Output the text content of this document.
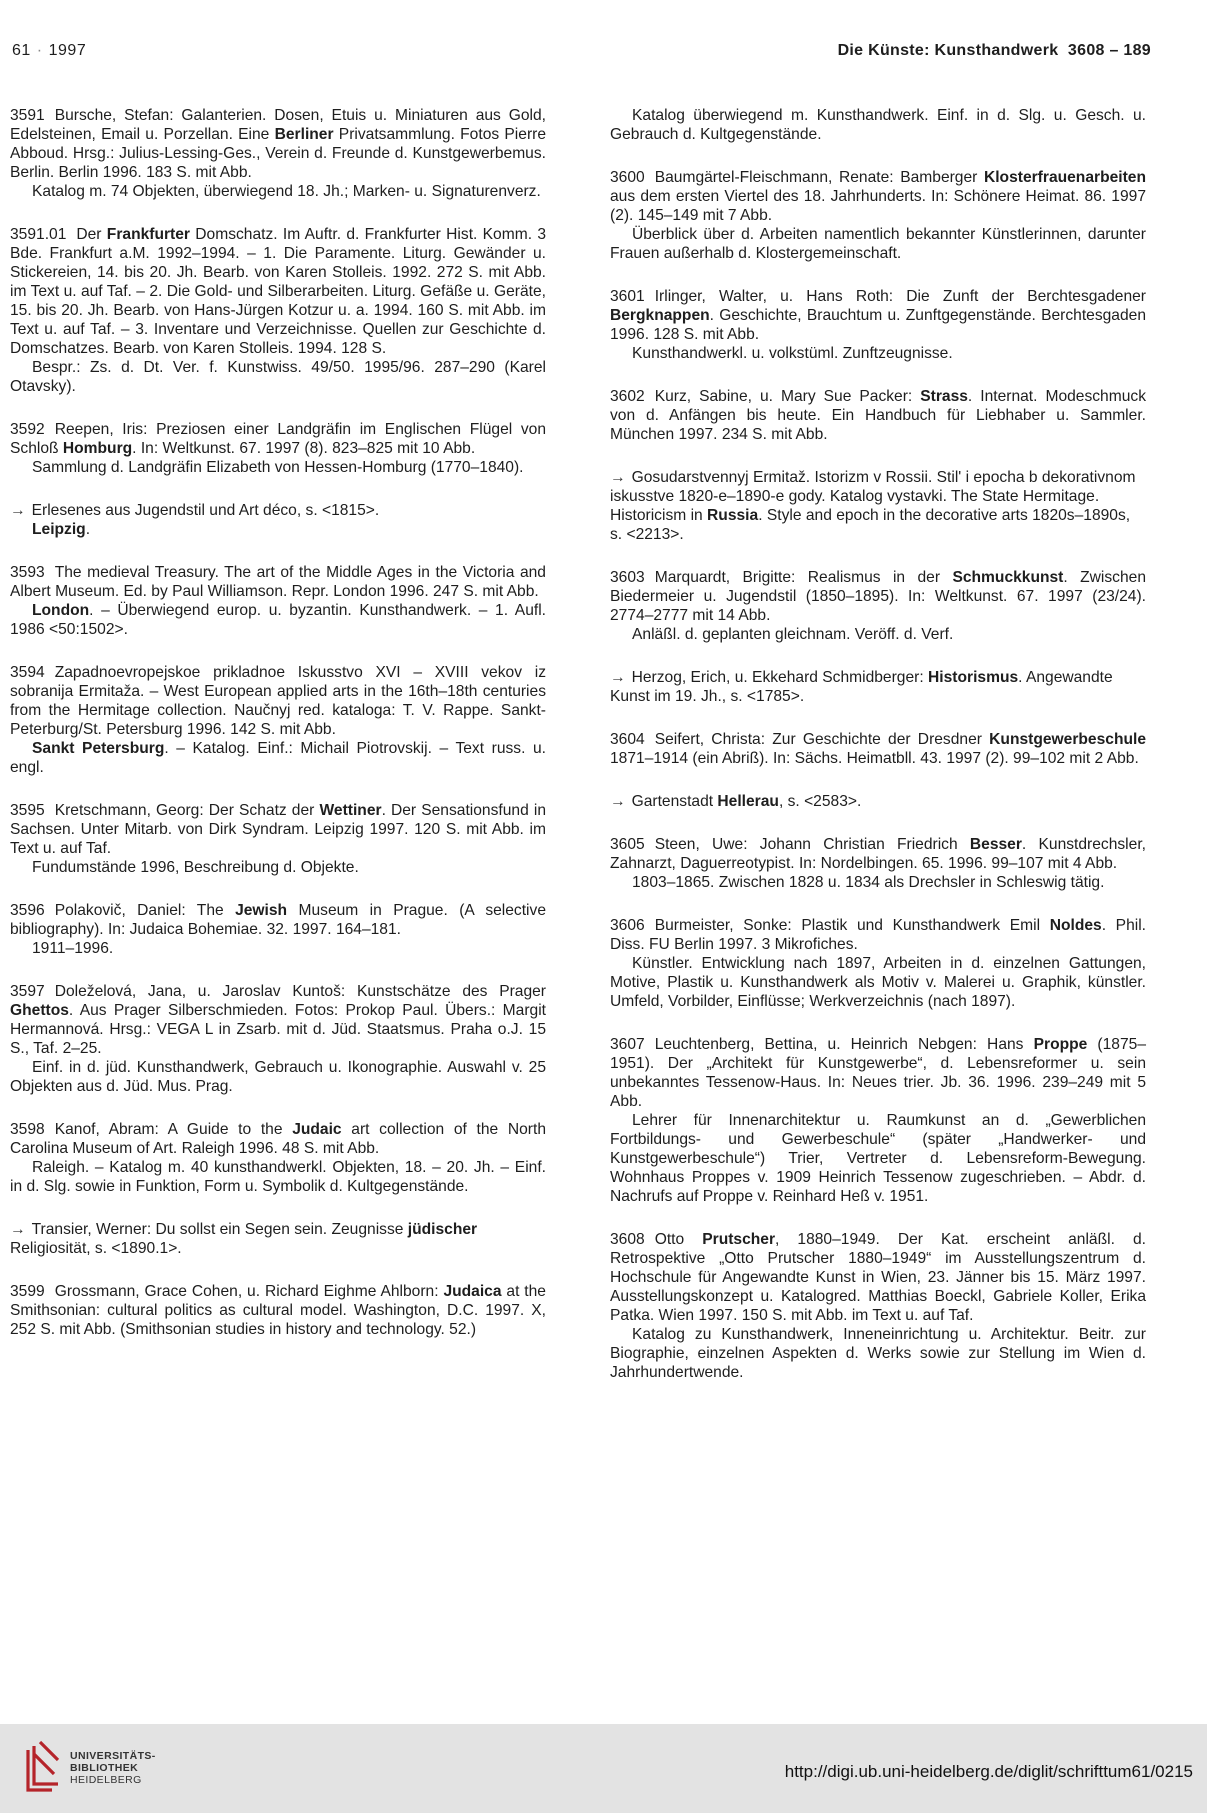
61 · 1997	Die Künste: Kunsthandwerk 3608 – 189

3591 Bursche, Stefan: Galanterien. Dosen, Etuis u. Miniaturen aus Gold, Edelsteinen, Email u. Porzellan. Eine Berliner Privatsammlung. Fotos Pierre Abboud. Hrsg.: Julius-Lessing-Ges., Verein d. Freunde d. Kunstgewerbemus. Berlin. Berlin 1996. 183 S. mit Abb.

Katalog m. 74 Objekten, überwiegend 18. Jh.; Marken- u. Signaturenverz.

3591.01 Der Frankfurter Domschatz. Im Auftr. d. Frankfurter Hist. Komm. 3 Bde. Frankfurt a.M. 1992–1994. – 1. Die Paramente. Liturg. Gewänder u. Stickereien, 14. bis 20. Jh. Bearb. von Karen Stolleis. 1992. 272 S. mit Abb. im Text u. auf Taf. – 2. Die Gold- und Silberarbeiten. Liturg. Gefäße u. Geräte, 15. bis 20. Jh. Bearb. von Hans-Jürgen Kotzur u. a. 1994. 160 S. mit Abb. im Text u. auf Taf. – 3. Inventare und Verzeichnisse. Quellen zur Geschichte d. Domschatzes. Bearb. von Karen Stolleis. 1994. 128 S.

Bespr.: Zs. d. Dt. Ver. f. Kunstwiss. 49/50. 1995/96. 287–290 (Karel Otavsky).

3592 Reepen, Iris: Preziosen einer Landgräfin im Englischen Flügel von Schloß Homburg. In: Weltkunst. 67. 1997 (8). 823–825 mit 10 Abb.

Sammlung d. Landgräfin Elizabeth von Hessen-Homburg (1770–1840).

→ Erlesenes aus Jugendstil und Art déco, s. <1815>.

Leipzig.

3593 The medieval Treasury. The art of the Middle Ages in the Victoria and Albert Museum. Ed. by Paul Williamson. Repr. London 1996. 247 S. mit Abb.

London. – Überwiegend europ. u. byzantin. Kunsthandwerk. – 1. Aufl. 1986 <50:1502>.

3594 Zapadnoevropejskoe prikladnoe Iskusstvo XVI – XVIII vekov iz sobranija Ermitaža. – West European applied arts in the 16th–18th centuries from the Hermitage collection. Naučnyj red. kataloga: T. V. Rappe. Sankt-Peterburg/St. Petersburg 1996. 142 S. mit Abb.

Sankt Petersburg. – Katalog. Einf.: Michail Piotrovskij. – Text russ. u. engl.

3595 Kretschmann, Georg: Der Schatz der Wettiner. Der Sensationsfund in Sachsen. Unter Mitarb. von Dirk Syndram. Leipzig 1997. 120 S. mit Abb. im Text u. auf Taf.

Fundumstände 1996, Beschreibung d. Objekte.

3596 Polakovič, Daniel: The Jewish Museum in Prague. (A selective bibliography). In: Judaica Bohemiae. 32. 1997. 164–181.

1911–1996.

3597 Doleželová, Jana, u. Jaroslav Kuntoš: Kunstschätze des Prager Ghettos. Aus Prager Silberschmieden. Fotos: Prokop Paul. Übers.: Margit Hermannová. Hrsg.: VEGA L in Zsarb. mit d. Jüd. Staatsmus. Praha o.J. 15 S., Taf. 2–25.

Einf. in d. jüd. Kunsthandwerk, Gebrauch u. Ikonographie. Auswahl v. 25 Objekten aus d. Jüd. Mus. Prag.

3598 Kanof, Abram: A Guide to the Judaic art collection of the North Carolina Museum of Art. Raleigh 1996. 48 S. mit Abb.

Raleigh. – Katalog m. 40 kunsthandwerkl. Objekten, 18. – 20. Jh. – Einf. in d. Slg. sowie in Funktion, Form u. Symbolik d. Kultgegenstände.

→ Transier, Werner: Du sollst ein Segen sein. Zeugnisse jüdischer Religiosität, s. <1890.1>.

3599 Grossmann, Grace Cohen, u. Richard Eighme Ahlborn: Judaica at the Smithsonian: cultural politics as cultural model. Washington, D.C. 1997. X, 252 S. mit Abb. (Smithsonian studies in history and technology. 52.)

Katalog überwiegend m. Kunsthandwerk. Einf. in d. Slg. u. Gesch. u. Gebrauch d. Kultgegenstände.

3600 Baumgärtel-Fleischmann, Renate: Bamberger Klosterfrauenarbeiten aus dem ersten Viertel des 18. Jahrhunderts. In: Schönere Heimat. 86. 1997 (2). 145–149 mit 7 Abb.

Überblick über d. Arbeiten namentlich bekannter Künstlerinnen, darunter Frauen außerhalb d. Klostergemeinschaft.

3601 Irlinger, Walter, u. Hans Roth: Die Zunft der Berchtesgadener Bergknappen. Geschichte, Brauchtum u. Zunftgegenstände. Berchtesgaden 1996. 128 S. mit Abb.

Kunsthandwerkl. u. volkstüml. Zunftzeugnisse.

3602 Kurz, Sabine, u. Mary Sue Packer: Strass. Internat. Modeschmuck von d. Anfängen bis heute. Ein Handbuch für Liebhaber u. Sammler. München 1997. 234 S. mit Abb.

→ Gosudarstvennyj Ermitaž. Istorizm v Rossii. Stil' i epocha b dekorativnom iskusstve 1820-e–1890-e gody. Katalog vystavki. The State Hermitage. Historicism in Russia. Style and epoch in the decorative arts 1820s–1890s, s. <2213>.

3603 Marquardt, Brigitte: Realismus in der Schmuckkunst. Zwischen Biedermeier u. Jugendstil (1850–1895). In: Weltkunst. 67. 1997 (23/24). 2774–2777 mit 14 Abb.

Anläßl. d. geplanten gleichnam. Veröff. d. Verf.

→ Herzog, Erich, u. Ekkehard Schmidberger: Historismus. Angewandte Kunst im 19. Jh., s. <1785>.

3604 Seifert, Christa: Zur Geschichte der Dresdner Kunstgewerbeschule 1871–1914 (ein Abriß). In: Sächs. Heimatbll. 43. 1997 (2). 99–102 mit 2 Abb.

→ Gartenstadt Hellerau, s. <2583>.

3605 Steen, Uwe: Johann Christian Friedrich Besser. Kunstdrechsler, Zahnarzt, Daguerreotypist. In: Nordelbingen. 65. 1996. 99–107 mit 4 Abb.

1803–1865. Zwischen 1828 u. 1834 als Drechsler in Schleswig tätig.

3606 Burmeister, Sonke: Plastik und Kunsthandwerk Emil Noldes. Phil. Diss. FU Berlin 1997. 3 Mikrofiches.

Künstler. Entwicklung nach 1897, Arbeiten in d. einzelnen Gattungen, Motive, Plastik u. Kunsthandwerk als Motiv v. Malerei u. Graphik, künstler. Umfeld, Vorbilder, Einflüsse; Werkverzeichnis (nach 1897).

3607 Leuchtenberg, Bettina, u. Heinrich Nebgen: Hans Proppe (1875–1951). Der „Architekt für Kunstgewerbe“, d. Lebensreformer u. sein unbekanntes Tessenow-Haus. In: Neues trier. Jb. 36. 1996. 239–249 mit 5 Abb.

Lehrer für Innenarchitektur u. Raumkunst an d. „Gewerblichen Fortbildungs- und Gewerbeschule“ (später „Handwerker- und Kunstgewerbeschule“) Trier, Vertreter d. Lebensreform-Bewegung. Wohnhaus Proppes v. 1909 Heinrich Tessenow zugeschrieben. – Abdr. d. Nachrufs auf Proppe v. Reinhard Heß v. 1951.

3608 Otto Prutscher, 1880–1949. Der Kat. erscheint anläßl. d. Retrospektive „Otto Prutscher 1880–1949“ im Ausstellungszentrum d. Hochschule für Angewandte Kunst in Wien, 23. Jänner bis 15. März 1997. Ausstellungskonzept u. Katalogred. Matthias Boeckl, Gabriele Koller, Erika Patka. Wien 1997. 150 S. mit Abb. im Text u. auf Taf.

Katalog zu Kunsthandwerk, Inneneinrichtung u. Architektur. Beitr. zur Biographie, einzelnen Aspekten d. Werks sowie zur Stellung im Wien d. Jahrhundertwende.

UNIVERSITÄTS-
BIBLIOTHEK
HEIDELBERG	http://digi.ub.uni-heidelberg.de/diglit/schrifttum61/0215
